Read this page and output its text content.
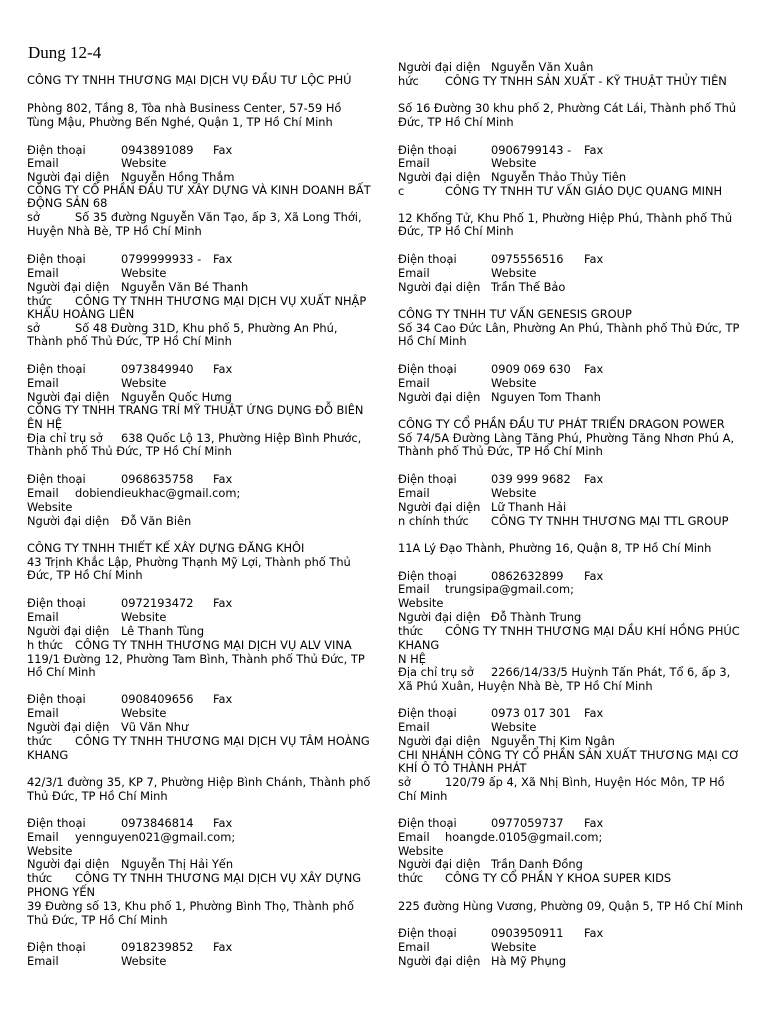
Dung 12-4
CÔNG TY TNHH THƯƠNG MẠI DỊCH VỤ ĐẦU TƯ LỘC PHÚ
Phòng 802, Tầng 8, Tòa nhà Business Center, 57-59 Hồ
Tùng Mậu, Phường Bến Nghé, Quận 1, TP Hồ Chí Minh
Điện thoại	0943891089 Fax
Email	Website
Người đại diện Nguyễn Hồng Thắm
CÔNG TY CỔ PHẦN ĐẦU TƯ XÂY DỰNG VÀ KINH DOANH BẤT
ĐỘNG SẢN 68
sở	Số 35 đường Nguyễn Văn Tạo, ấp 3, Xã Long Thới,
Huyện Nhà Bè, TP Hồ Chí Minh
Điện thoại	0799999933 - Fax
Email	Website
Người đại diện Nguyễn Văn Bé Thanh
thức CÔNG TY TNHH THƯƠNG MẠI DỊCH VỤ XUẤT NHẬP
KHẨU HOÀNG LIÊN
sở	Số 48 Đường 31D, Khu phố 5, Phường An Phú,
Thành phố Thủ Đức, TP Hồ Chí Minh
Điện thoại	0973849940 Fax
Email	Website
Người đại diện Nguyễn Quốc Hưng
CÔNG TY TNHH TRANG TRÍ MỸ THUẬT ỨNG DỤNG ĐỖ BIÊN
ÊN HỆ
Địa chỉ trụ sở 638 Quốc Lộ 13, Phường Hiệp Bình Phước,
Thành phố Thủ Đức, TP Hồ Chí Minh
Điện thoại	0968635758 Fax
Email dobiendieukhac@gmail.com;
Website
Người đại diện Đỗ Văn Biên
CÔNG TY TNHH THIẾT KẾ XÂY DỰNG ĐĂNG KHÔI
43 Trịnh Khắc Lập, Phường Thạnh Mỹ Lợi, Thành phố Thủ
Đức, TP Hồ Chí Minh
Điện thoại	0972193472 Fax
Email	Website
Người đại diện Lê Thanh Tùng
h thức CÔNG TY TNHH THƯƠNG MẠI DỊCH VỤ ALV VINA
119/1 Đường 12, Phường Tam Bình, Thành phố Thủ Đức, TP
Hồ Chí Minh
Điện thoại	0908409656 Fax
Email	Website
Người đại diện Vũ Văn Như
thức CÔNG TY TNHH THƯƠNG MẠI DỊCH VỤ TÂM HOÀNG
KHANG
42/3/1 đường 35, KP 7, Phường Hiệp Bình Chánh, Thành phố
Thủ Đức, TP Hồ Chí Minh
Điện thoại	0973846814 Fax
Email yennguyen021@gmail.com;
Website
Người đại diện Nguyễn Thị Hải Yến
thức CÔNG TY TNHH THƯƠNG MẠI DỊCH VỤ XÂY DỰNG
PHONG YẾN
39 Đường số 13, Khu phố 1, Phường Bình Thọ, Thành phố
Thủ Đức, TP Hồ Chí Minh
Điện thoại	0918239852 Fax
Email	Website
Người đại diện Nguyễn Văn Xuân
hức CÔNG TY TNHH SẢN XUẤT - KỸ THUẬT THỦY TIÊN
Số 16 Đường 30 khu phố 2, Phường Cát Lái, Thành phố Thủ
Đức, TP Hồ Chí Minh
Điện thoại	0906799143 - Fax
Email	Website
Người đại diện Nguyễn Thảo Thủy Tiên
c	CÔNG TY TNHH TƯ VẤN GIÁO DỤC QUANG MINH
12 Khổng Tử, Khu Phố 1, Phường Hiệp Phú, Thành phố Thủ
Đức, TP Hồ Chí Minh
Điện thoại	0975556516 Fax
Email	Website
Người đại diện Trần Thế Bảo
CÔNG TY TNHH TƯ VẤN GENESIS GROUP
Số 34 Cao Đức Lân, Phường An Phú, Thành phố Thủ Đức, TP
Hồ Chí Minh
Điện thoại	0909 069 630 Fax
Email	Website
Người đại diện Nguyen Tom Thanh
CÔNG TY CỔ PHẦN ĐẦU TƯ PHÁT TRIỂN DRAGON POWER
Số 74/5A Đường Làng Tăng Phú, Phường Tăng Nhơn Phú A,
Thành phố Thủ Đức, TP Hồ Chí Minh
Điện thoại	039 999 9682 Fax
Email	Website
Người đại diện Lữ Thanh Hải
n chính thức CÔNG TY TNHH THƯƠNG MẠI TTL GROUP
11A Lý Đạo Thành, Phường 16, Quận 8, TP Hồ Chí Minh
Điện thoại	0862632899 Fax
Email trungsipa@gmail.com;
Website
Người đại diện Đỗ Thành Trung
thức CÔNG TY TNHH THƯƠNG MẠI DẦU KHÍ HỒNG PHÚC
KHANG
N HỆ
Địa chỉ trụ sở 2266/14/33/5 Huỳnh Tấn Phát, Tổ 6, ấp 3,
Xã Phú Xuân, Huyện Nhà Bè, TP Hồ Chí Minh
Điện thoại	0973 017 301 Fax
Email	Website
Người đại diện Nguyễn Thị Kim Ngân
CHI NHÁNH CÔNG TY CỔ PHẦN SẢN XUẤT THƯƠNG MẠI CƠ
KHÍ Ô TÔ THÀNH PHÁT
sở	120/79 ấp 4, Xã Nhị Bình, Huyện Hóc Môn, TP Hồ
Chí Minh
Điện thoại	0977059737 Fax
Email hoangde.0105@gmail.com;
Website
Người đại diện Trần Danh Đồng
thức CÔNG TY CỔ PHẦN Y KHOA SUPER KIDS
225 đường Hùng Vương, Phường 09, Quận 5, TP Hồ Chí Minh
Điện thoại	0903950911 Fax
Email	Website
Người đại diện Hà Mỹ Phụng
